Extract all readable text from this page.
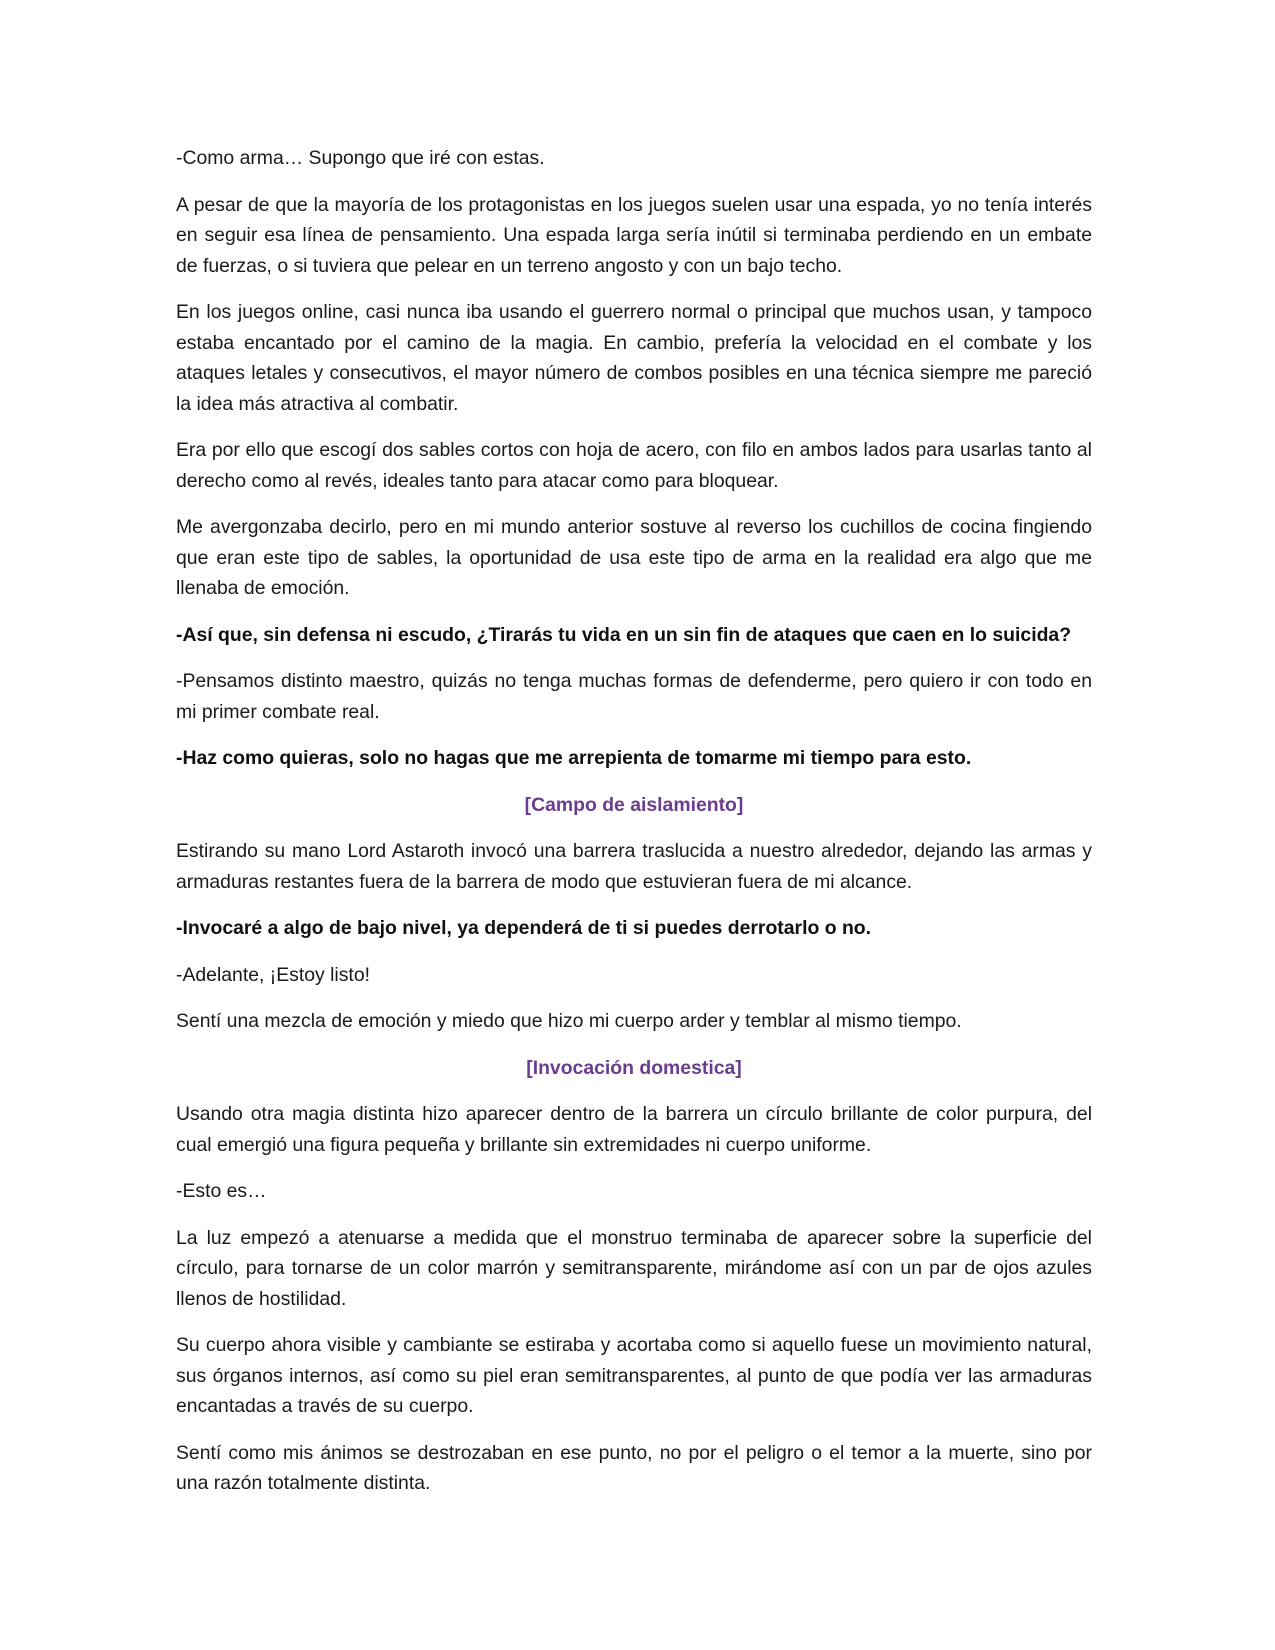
-Como arma… Supongo que iré con estas.

A pesar de que la mayoría de los protagonistas en los juegos suelen usar una espada, yo no tenía interés en seguir esa línea de pensamiento. Una espada larga sería inútil si terminaba perdiendo en un embate de fuerzas, o si tuviera que pelear en un terreno angosto y con un bajo techo.

En los juegos online, casi nunca iba usando el guerrero normal o principal que muchos usan, y tampoco estaba encantado por el camino de la magia. En cambio, prefería la velocidad en el combate y los ataques letales y consecutivos, el mayor número de combos posibles en una técnica siempre me pareció la idea más atractiva al combatir.

Era por ello que escogí dos sables cortos con hoja de acero, con filo en ambos lados para usarlas tanto al derecho como al revés, ideales tanto para atacar como para bloquear.

Me avergonzaba decirlo, pero en mi mundo anterior sostuve al reverso los cuchillos de cocina fingiendo que eran este tipo de sables, la oportunidad de usa este tipo de arma en la realidad era algo que me llenaba de emoción.

-Así que, sin defensa ni escudo, ¿Tirarás tu vida en un sin fin de ataques que caen en lo suicida?

-Pensamos distinto maestro, quizás no tenga muchas formas de defenderme, pero quiero ir con todo en mi primer combate real.

-Haz como quieras, solo no hagas que me arrepienta de tomarme mi tiempo para esto.

[Campo de aislamiento]

Estirando su mano Lord Astaroth invocó una barrera traslucida a nuestro alrededor, dejando las armas y armaduras restantes fuera de la barrera de modo que estuvieran fuera de mi alcance.

-Invocaré a algo de bajo nivel, ya dependerá de ti si puedes derrotarlo o no.

-Adelante, ¡Estoy listo!

Sentí una mezcla de emoción y miedo que hizo mi cuerpo arder y temblar al mismo tiempo.

[Invocación domestica]

Usando otra magia distinta hizo aparecer dentro de la barrera un círculo brillante de color purpura, del cual emergió una figura pequeña y brillante sin extremidades ni cuerpo uniforme.

-Esto es…

La luz empezó a atenuarse a medida que el monstruo terminaba de aparecer sobre la superficie del círculo, para tornarse de un color marrón y semitransparente, mirándome así con un par de ojos azules llenos de hostilidad.

Su cuerpo ahora visible y cambiante se estiraba y acortaba como si aquello fuese un movimiento natural, sus órganos internos, así como su piel eran semitransparentes, al punto de que podía ver las armaduras encantadas a través de su cuerpo.

Sentí como mis ánimos se destrozaban en ese punto, no por el peligro o el temor a la muerte, sino por una razón totalmente distinta.
